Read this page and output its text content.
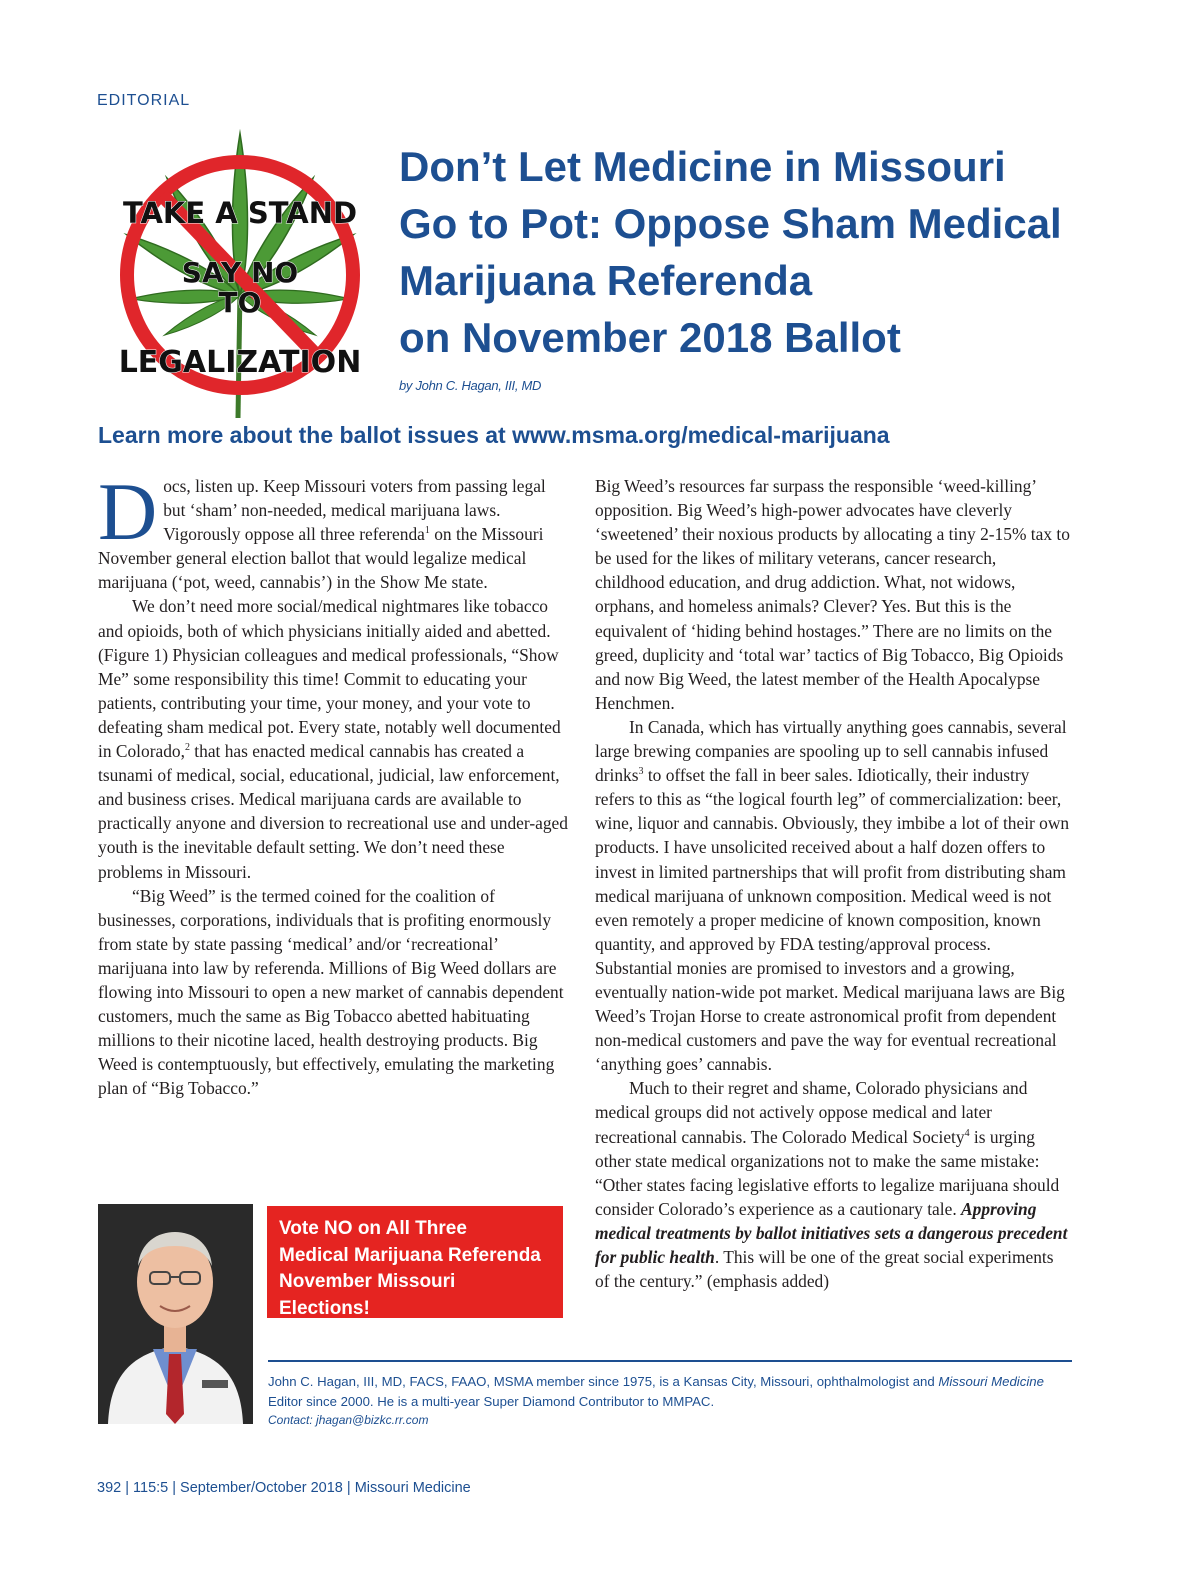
EDITORIAL
TAKE A STAND
SAY NO
TO
LEGALIZATION
Don’t Let Medicine in Missouri
Go to Pot: Oppose Sham Medical
Marijuana Referenda
on November 2018 Ballot
by John C. Hagan, III, MD
Learn more about the ballot issues at www.msma.org/medical-marijuana

Docs, listen up. Keep Missouri voters from passing legal but ‘sham’ non-needed, medical marijuana laws. Vigorously oppose all three referenda$^1$ on the Missouri November general election ballot that would legalize medical marijuana (‘pot, weed, cannabis’) in the Show Me state.

We don’t need more social/medical nightmares like tobacco and opioids, both of which physicians initially aided and abetted. (Figure 1) Physician colleagues and medical professionals, “Show Me” some responsibility this time! Commit to educating your patients, contributing your time, your money, and your vote to defeating sham medical pot. Every state, notably well documented in Colorado,$^2$ that has enacted medical cannabis has created a tsunami of medical, social, educational, judicial, law enforcement, and business crises. Medical marijuana cards are available to practically anyone and diversion to recreational use and under-aged youth is the inevitable default setting. We don’t need these problems in Missouri.

“Big Weed” is the termed coined for the coalition of businesses, corporations, individuals that is profiting enormously from state by state passing ‘medical’ and/or ‘recreational’ marijuana into law by referenda. Millions of Big Weed dollars are flowing into Missouri to open a new market of cannabis dependent customers, much the same as Big Tobacco abetted habituating millions to their nicotine laced, health destroying products. Big Weed is contemptuously, but effectively, emulating the marketing plan of “Big Tobacco.”

Big Weed’s resources far surpass the responsible ‘weed-killing’ opposition. Big Weed’s high-power advocates have cleverly ‘sweetened’ their noxious products by allocating a tiny 2-15% tax to be used for the likes of military veterans, cancer research, childhood education, and drug addiction. What, not widows, orphans, and homeless animals? Clever? Yes. But this is the equivalent of ‘hiding behind hostages.” There are no limits on the greed, duplicity and ‘total war’ tactics of Big Tobacco, Big Opioids and now Big Weed, the latest member of the Health Apocalypse Henchmen.

In Canada, which has virtually anything goes cannabis, several large brewing companies are spooling up to sell cannabis infused drinks$^3$ to offset the fall in beer sales. Idiotically, their industry refers to this as “the logical fourth leg” of commercialization: beer, wine, liquor and cannabis. Obviously, they imbibe a lot of their own products. I have unsolicited received about a half dozen offers to invest in limited partnerships that will profit from distributing sham medical marijuana of unknown composition. Medical weed is not even remotely a proper medicine of known composition, known quantity, and approved by FDA testing/approval process. Substantial monies are promised to investors and a growing, eventually nation-wide pot market. Medical marijuana laws are Big Weed’s Trojan Horse to create astronomical profit from dependent non-medical customers and pave the way for eventual recreational ‘anything goes’ cannabis.

Much to their regret and shame, Colorado physicians and medical groups did not actively oppose medical and later recreational cannabis. The Colorado Medical Society$^4$ is urging other state medical organizations not to make the same mistake: “Other states facing legislative efforts to legalize marijuana should consider Colorado’s experience as a cautionary tale. Approving medical treatments by ballot initiatives sets a dangerous precedent for public health. This will be one of the great social experiments of the century.” (emphasis added)

Vote NO on All Three
Medical Marijuana Referenda
November Missouri Elections!
John C. Hagan, III, MD, FACS, FAAO, MSMA member since 1975, is a Kansas City, Missouri, ophthalmologist and Missouri Medicine Editor since 2000. He is a multi-year Super Diamond Contributor to MMPAC.
Contact: jhagan@bizkc.rr.com
392 | 115:5 | September/October 2018 | Missouri Medicine
